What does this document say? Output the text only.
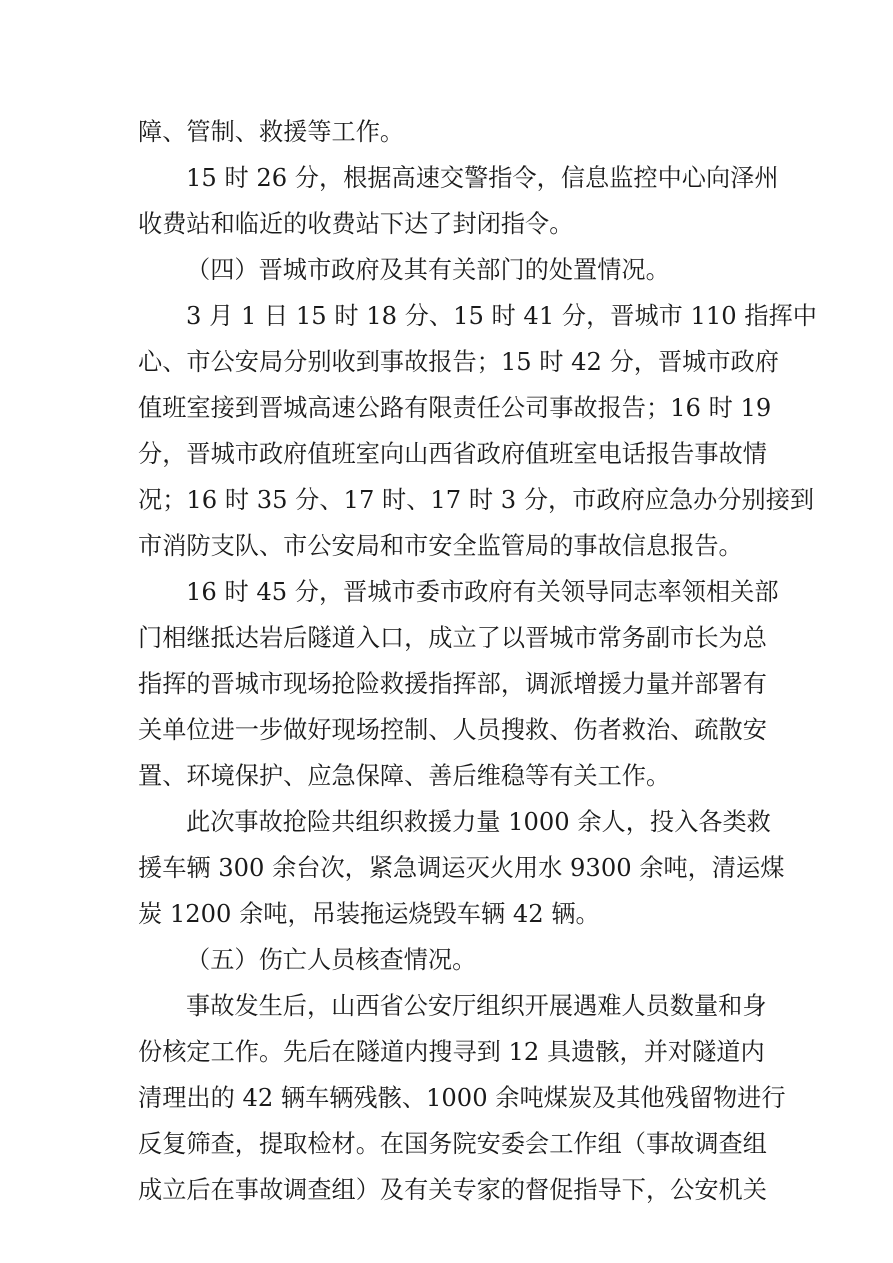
障、管制、救援等工作。
15 时 26 分，根据高速交警指令，信息监控中心向泽州
收费站和临近的收费站下达了封闭指令。
（四）晋城市政府及其有关部门的处置情况。
3 月 1 日 15 时 18 分、15 时 41 分，晋城市 110 指挥中
心、市公安局分别收到事故报告；15 时 42 分，晋城市政府
值班室接到晋城高速公路有限责任公司事故报告；16 时 19
分，晋城市政府值班室向山西省政府值班室电话报告事故情
况；16 时 35 分、17 时、17 时 3 分，市政府应急办分别接到
市消防支队、市公安局和市安全监管局的事故信息报告。
16 时 45 分，晋城市委市政府有关领导同志率领相关部
门相继抵达岩后隧道入口，成立了以晋城市常务副市长为总
指挥的晋城市现场抢险救援指挥部，调派增援力量并部署有
关单位进一步做好现场控制、人员搜救、伤者救治、疏散安
置、环境保护、应急保障、善后维稳等有关工作。
此次事故抢险共组织救援力量 1000 余人，投入各类救
援车辆 300 余台次，紧急调运灭火用水 9300 余吨，清运煤
炭 1200 余吨，吊装拖运烧毁车辆 42 辆。
（五）伤亡人员核查情况。
事故发生后，山西省公安厅组织开展遇难人员数量和身
份核定工作。先后在隧道内搜寻到 12 具遗骸，并对隧道内
清理出的 42 辆车辆残骸、1000 余吨煤炭及其他残留物进行
反复筛查，提取检材。在国务院安委会工作组（事故调查组
成立后在事故调查组）及有关专家的督促指导下，公安机关
